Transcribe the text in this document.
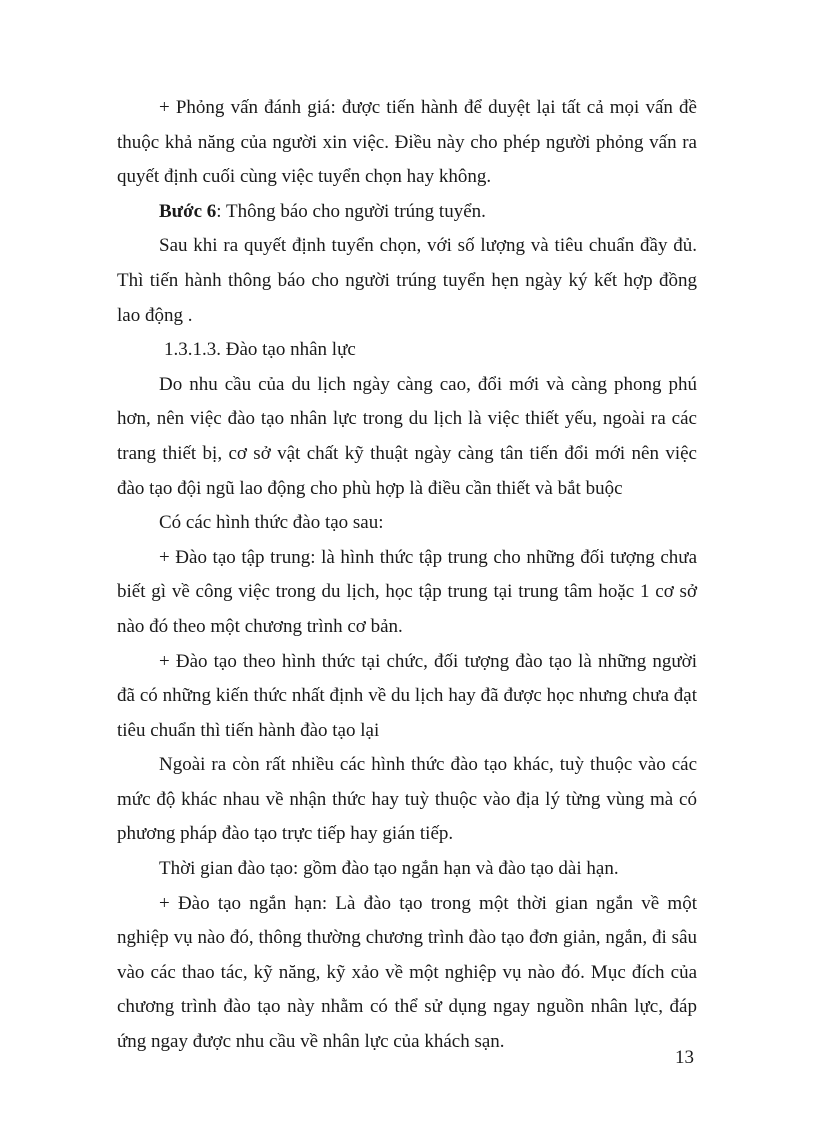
+ Phỏng vấn đánh giá: được tiến hành để duyệt lại tất cả mọi vấn đề thuộc khả năng của người xin việc. Điều này cho phép người phỏng vấn ra quyết định cuối cùng việc tuyển chọn hay không.

Bước 6: Thông báo cho người trúng tuyển.

Sau khi ra quyết định tuyển chọn, với số lượng và tiêu chuẩn đầy đủ. Thì tiến hành thông báo cho người trúng tuyển hẹn ngày ký kết hợp đồng lao động .

1.3.1.3. Đào tạo nhân lực

Do nhu cầu của du lịch ngày càng cao, đổi mới và càng phong phú hơn, nên việc đào tạo nhân lực trong du lịch là việc thiết yếu, ngoài ra các trang thiết bị, cơ sở vật chất kỹ thuật ngày càng tân tiến đổi mới nên việc đào tạo đội ngũ lao động cho phù hợp là điều cần thiết và bắt buộc

Có các hình thức đào tạo sau:

+ Đào tạo tập trung: là hình thức tập trung cho những đối tượng chưa biết gì về công việc trong du lịch, học tập trung tại trung tâm hoặc 1 cơ sở nào đó theo một chương trình cơ bản.

+ Đào tạo theo hình thức tại chức, đối tượng đào tạo là những người đã có những kiến thức nhất định về du lịch hay đã được học nhưng chưa đạt tiêu chuẩn thì tiến hành đào tạo lại

Ngoài ra còn rất nhiều các hình thức đào tạo khác, tuỳ thuộc vào các mức độ khác nhau về nhận thức hay tuỳ thuộc vào địa lý từng vùng mà có phương pháp đào tạo trực tiếp hay gián tiếp.

Thời gian đào tạo: gồm đào tạo ngắn hạn và đào tạo dài hạn.

+ Đào tạo ngắn hạn: Là đào tạo trong một thời gian ngắn về một nghiệp vụ nào đó, thông thường chương trình đào tạo đơn giản, ngắn, đi sâu vào các thao tác, kỹ năng, kỹ xảo về một nghiệp vụ nào đó. Mục đích của chương trình đào tạo này nhằm có thể sử dụng ngay nguồn nhân lực, đáp ứng ngay được nhu cầu về nhân lực của khách sạn.

13
